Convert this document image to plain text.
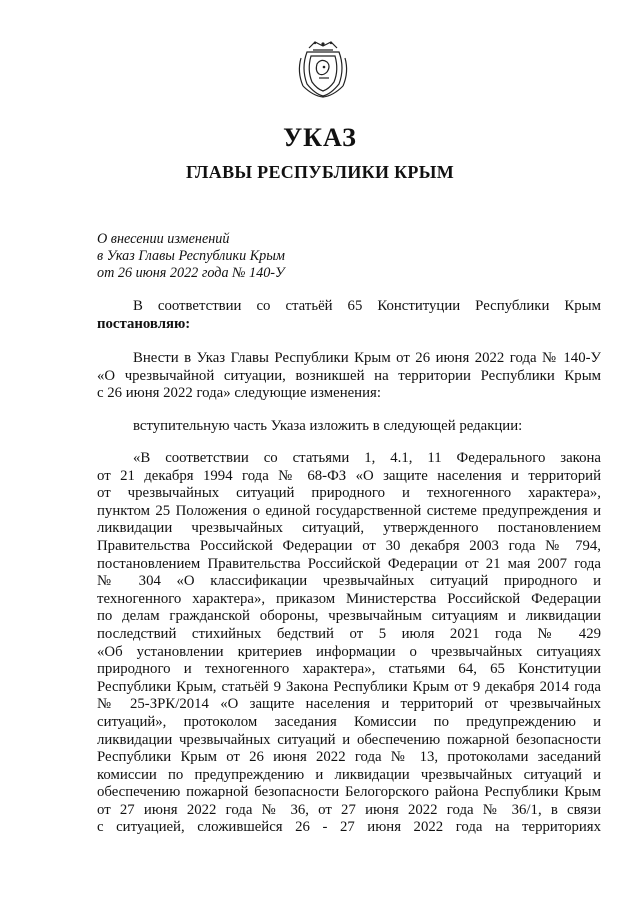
УКАЗ
ГЛАВЫ РЕСПУБЛИКИ КРЫМ
О внесении изменений
в Указ Главы Республики Крым
от 26 июня 2022 года № 140-У
В соответствии со статьёй 65 Конституции Республики Крым
постановляю:
Внести в Указ Главы Республики Крым от 26 июня 2022 года № 140-У
«О чрезвычайной ситуации, возникшей на территории Республики Крым
с 26 июня 2022 года» следующие изменения:
вступительную часть Указа изложить в следующей редакции:
«В соответствии со статьями 1, 4.1, 11 Федерального закона
от 21 декабря 1994 года № 68-ФЗ «О защите населения и территорий
от чрезвычайных ситуаций природного и техногенного характера»,
пунктом 25 Положения о единой государственной системе предупреждения и
ликвидации чрезвычайных ситуаций, утвержденного постановлением
Правительства Российской Федерации от 30 декабря 2003 года № 794,
постановлением Правительства Российской Федерации от 21 мая 2007 года
№ 304 «О классификации чрезвычайных ситуаций природного и
техногенного характера», приказом Министерства Российской Федерации
по делам гражданской обороны, чрезвычайным ситуациям и ликвидации
последствий стихийных бедствий от 5 июля 2021 года № 429
«Об установлении критериев информации о чрезвычайных ситуациях
природного и техногенного характера», статьями 64, 65 Конституции
Республики Крым, статьёй 9 Закона Республики Крым от 9 декабря 2014 года
№ 25-ЗРК/2014 «О защите населения и территорий от чрезвычайных
ситуаций», протоколом заседания Комиссии по предупреждению и
ликвидации чрезвычайных ситуаций и обеспечению пожарной безопасности
Республики Крым от 26 июня 2022 года № 13, протоколами заседаний
комиссии по предупреждению и ликвидации чрезвычайных ситуаций и
обеспечению пожарной безопасности Белогорского района Республики Крым
от 27 июня 2022 года № 36, от 27 июня 2022 года № 36/1, в связи
с ситуацией, сложившейся 26 - 27 июня 2022 года на территориях
